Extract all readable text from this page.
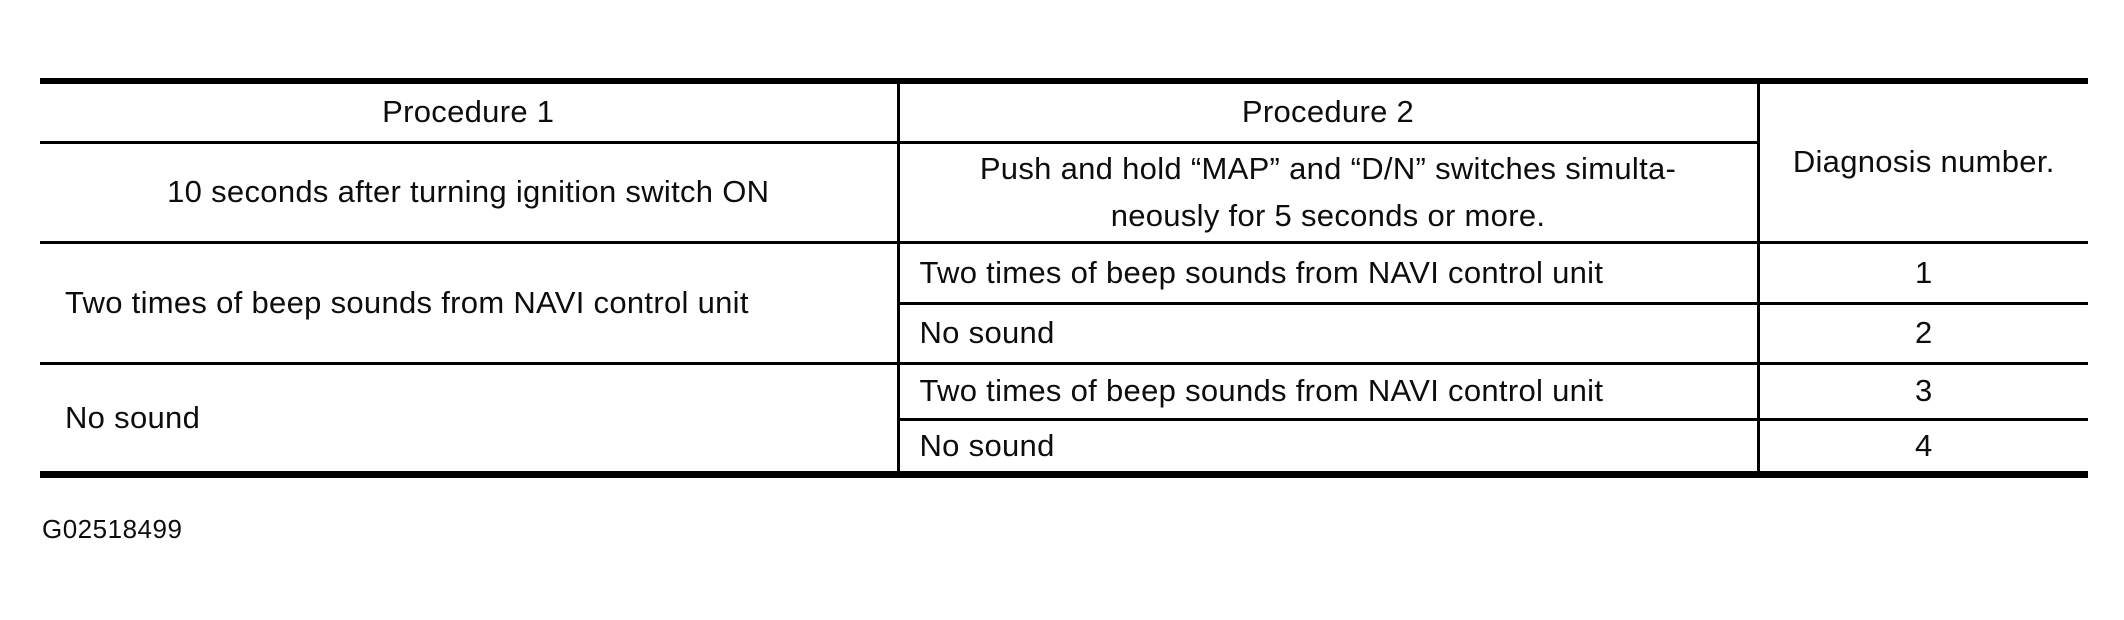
Procedure 1	Procedure 2	Diagnosis number.
10 seconds after turning ignition switch ON	Push and hold “MAP” and “D/N” switches simulta-
neously for 5 seconds or more.	

Two times of beep sounds from NAVI control unit	Two times of beep sounds from NAVI control unit	1
	No sound	2
No sound	Two times of beep sounds from NAVI control unit	3
	No sound	4
G02518499
